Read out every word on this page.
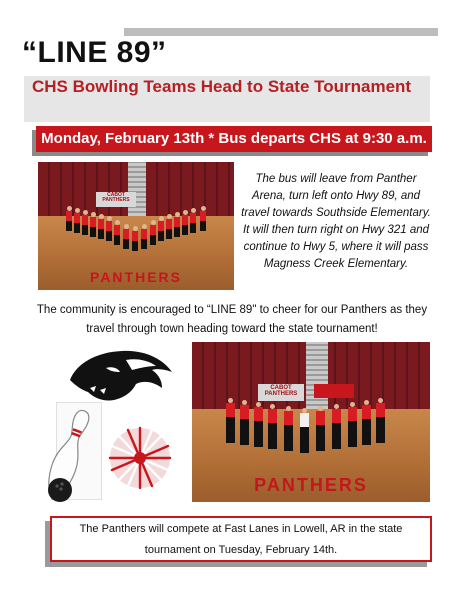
“LINE 89”
CHS Bowling Teams Head to State Tournament
Monday, February 13th * Bus departs CHS at 9:30 a.m.
CABOT
PANTHERS
PANTHERS

The bus will leave from Panther Arena, turn left onto Hwy 89, and travel towards Southside Elementary. It will then turn right on Hwy 321 and continue to Hwy 5, where it will pass Magness Creek Elementary.

The community is encouraged to “LINE 89" to cheer for our Panthers as they travel through town heading toward the state tournament!

CABOT
PANTHERS
PANTHERS
The Panthers will compete at Fast Lanes in Lowell, AR in the state tournament on Tuesday, February 14th.
